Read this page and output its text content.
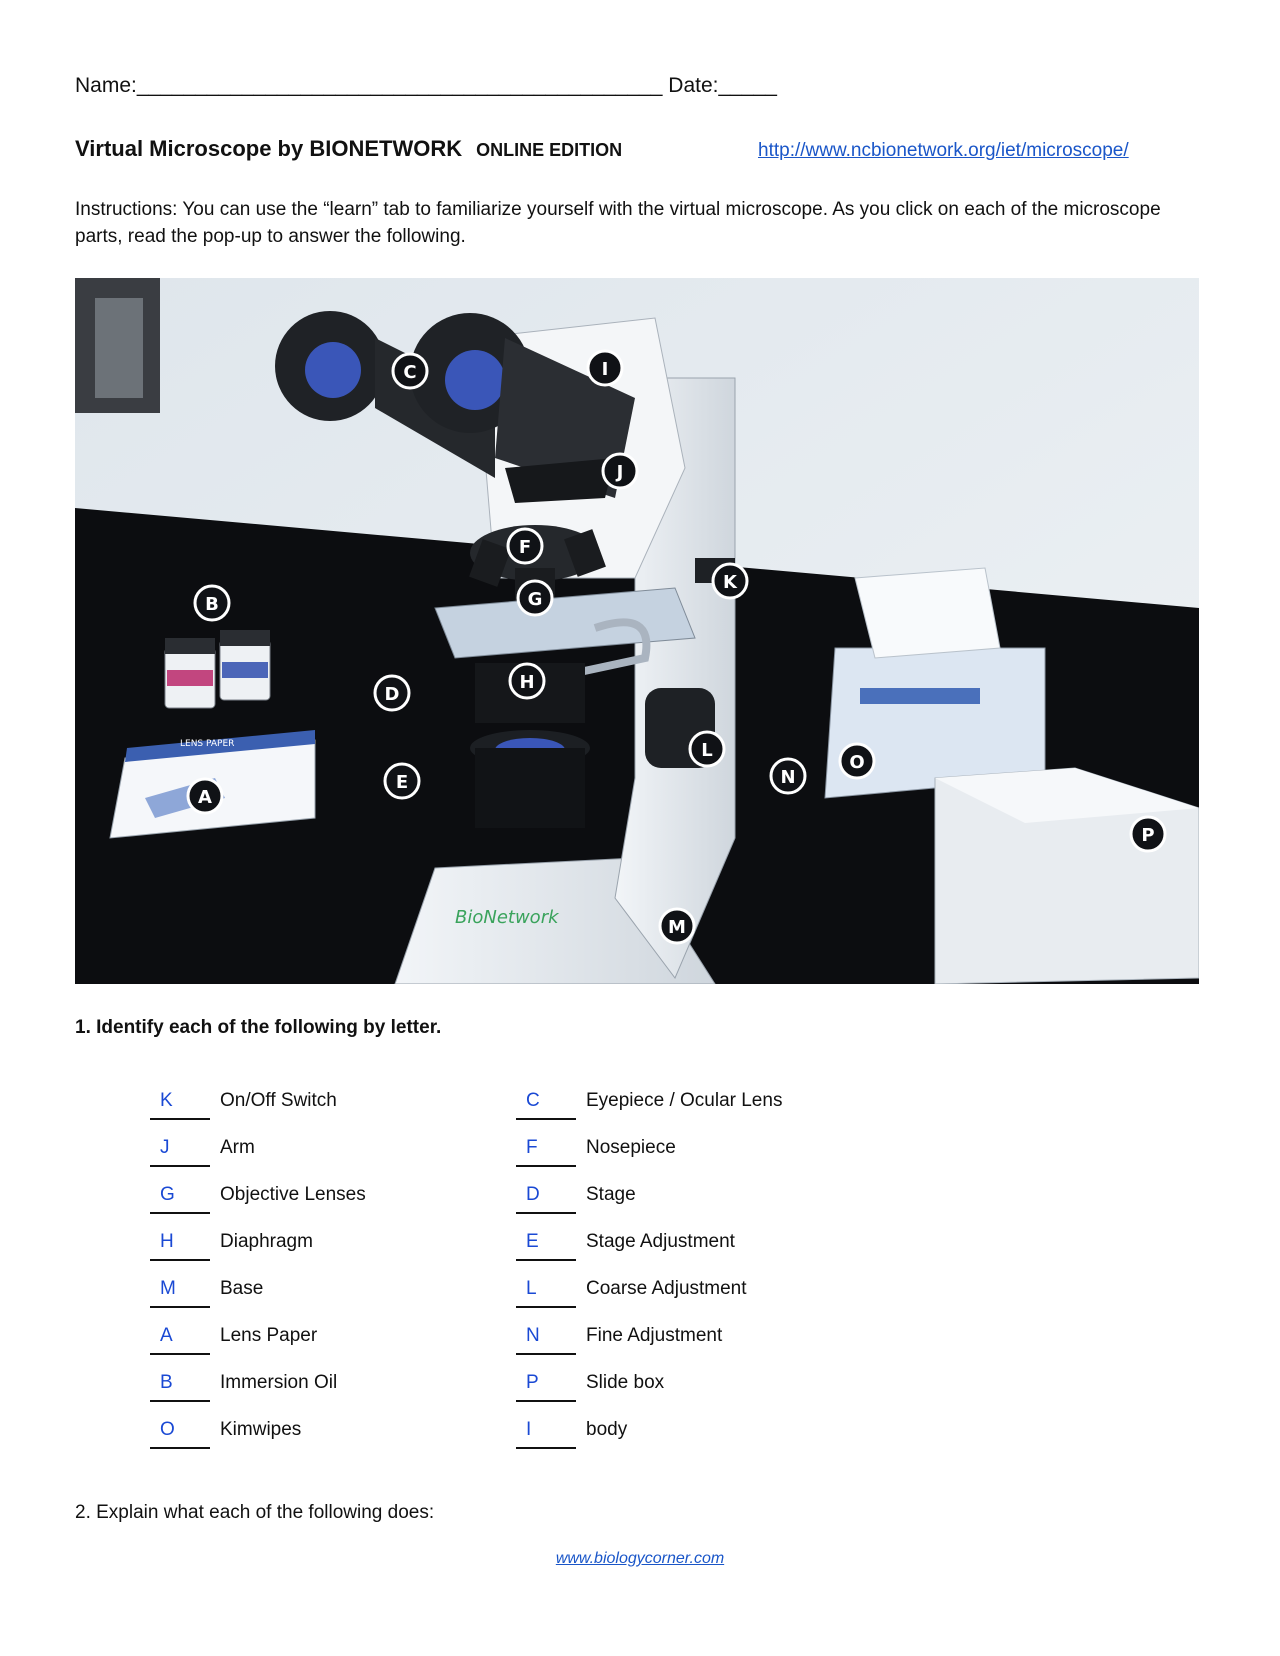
Name:_____________________________________________ Date:_____
Virtual Microscope by BIONETWORK ONLINE EDITION	http://www.ncbionetwork.org/iet/microscope/
Instructions: You can use the “learn” tab to familiarize yourself with the virtual microscope. As you click on each of the microscope parts, read the pop-up to answer the following.
LENS PAPER
BioNetwork
A
B
C
D
E
F
G
H
I
J
K
L
M
N
O
P
1. Identify each of the following by letter.
K	On/Off Switch
J	Arm
G	Objective Lenses
H	Diaphragm
M	Base
A	Lens Paper
B	Immersion Oil
O	Kimwipes
C	Eyepiece / Ocular Lens
F	Nosepiece
D	Stage
E	Stage Adjustment
L	Coarse Adjustment
N	Fine Adjustment
P	Slide box
I	body
2. Explain what each of the following does:
www.biologycorner.com
